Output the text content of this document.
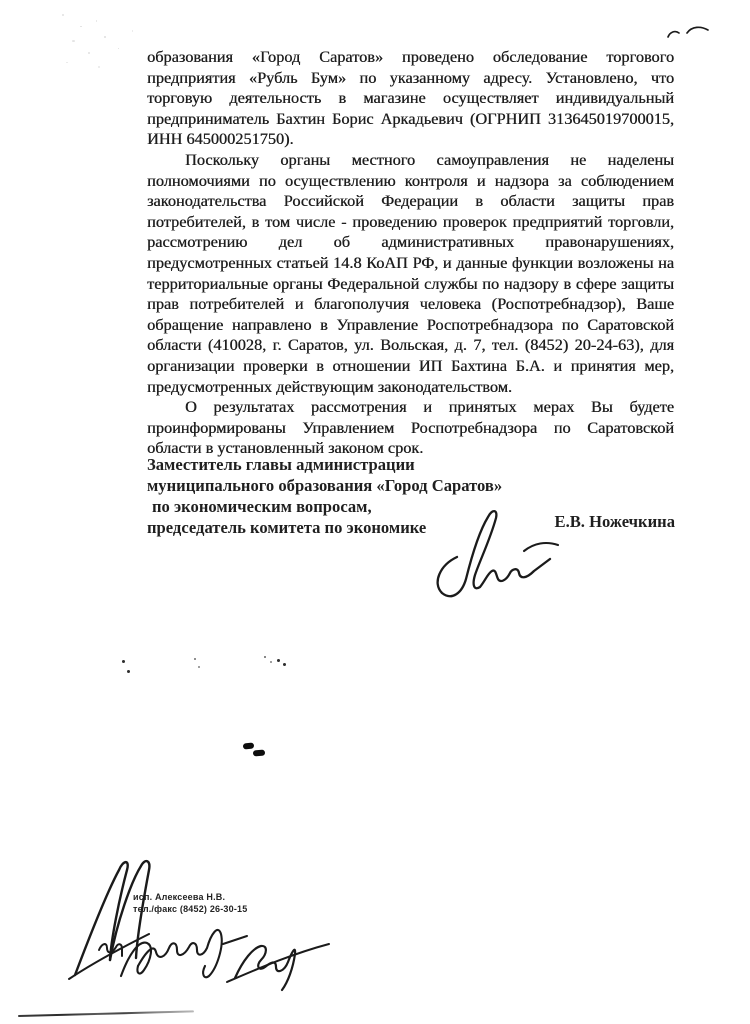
образования «Город Саратов» проведено обследование торгового предприятия «Рубль Бум» по указанному адресу. Установлено, что торговую деятельность в магазине осуществляет индивидуальный предприниматель Бахтин Борис Аркадьевич (ОГРНИП 313645019700015, ИНН 645000251750).

Поскольку органы местного самоуправления не наделены полномочиями по осуществлению контроля и надзора за соблюдением законодательства Российской Федерации в области защиты прав потребителей, в том числе - проведению проверок предприятий торговли, рассмотрению дел об административных правонарушениях, предусмотренных статьей 14.8 КоАП РФ, и данные функции возложены на территориальные органы Федеральной службы по надзору в сфере защиты прав потребителей и благополучия человека (Роспотребнадзор), Ваше обращение направлено в Управление Роспотребнадзора по Саратовской области (410028, г. Саратов, ул. Вольская, д. 7, тел. (8452) 20-24-63), для организации проверки в отношении ИП Бахтина Б.А. и принятия мер, предусмотренных действующим законодательством.

О результатах рассмотрения и принятых мерах Вы будете проинформированы Управлением Роспотребнадзора по Саратовской области в установленный законом срок.

Заместитель главы администрации
муниципального образования «Город Саратов»
по экономическим вопросам,
председатель комитета по экономике	Е.В. Ножечкина
исп. Алексеева Н.В.
тел./факс (8452) 26-30-15
